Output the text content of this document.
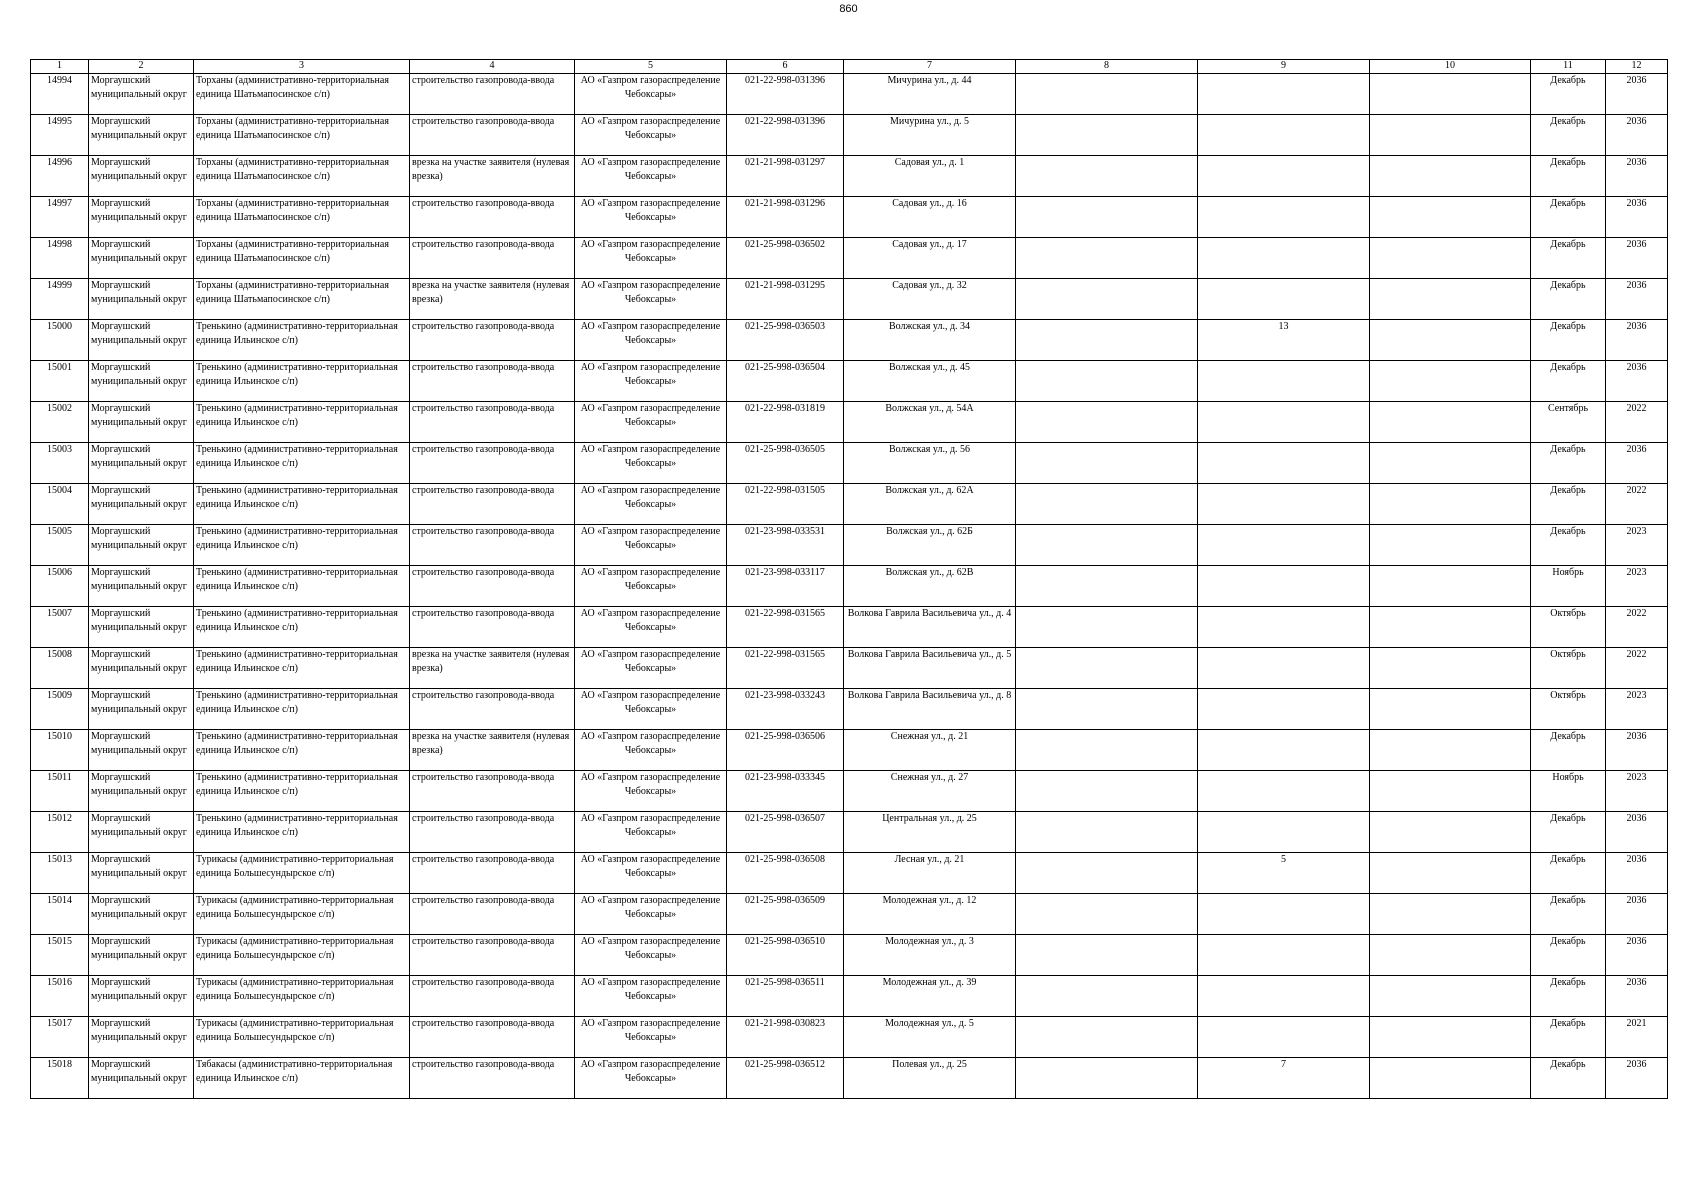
860
1	2	3	4	5	6	7	8	9	10	11	12

14994	Моргаушский муниципальный округ	Торханы (административно-территориальная единица Шатьмапосинское с/п)	строительство газопровода-ввода	АО «Газпром газораспределение Чебоксары»	021-22-998-031396	Мичурина ул., д. 44				Декабрь	2036

14995	Моргаушский муниципальный округ	Торханы (административно-территориальная единица Шатьмапосинское с/п)	строительство газопровода-ввода	АО «Газпром газораспределение Чебоксары»	021-22-998-031396	Мичурина ул., д. 5				Декабрь	2036

14996	Моргаушский муниципальный округ	Торханы (административно-территориальная единица Шатьмапосинское с/п)	врезка на участке заявителя (нулевая врезка)	АО «Газпром газораспределение Чебоксары»	021-21-998-031297	Садовая ул., д. 1				Декабрь	2036

14997	Моргаушский муниципальный округ	Торханы (административно-территориальная единица Шатьмапосинское с/п)	строительство газопровода-ввода	АО «Газпром газораспределение Чебоксары»	021-21-998-031296	Садовая ул., д. 16				Декабрь	2036

14998	Моргаушский муниципальный округ	Торханы (административно-территориальная единица Шатьмапосинское с/п)	строительство газопровода-ввода	АО «Газпром газораспределение Чебоксары»	021-25-998-036502	Садовая ул., д. 17				Декабрь	2036

14999	Моргаушский муниципальный округ	Торханы (административно-территориальная единица Шатьмапосинское с/п)	врезка на участке заявителя (нулевая врезка)	АО «Газпром газораспределение Чебоксары»	021-21-998-031295	Садовая ул., д. 32				Декабрь	2036

15000	Моргаушский муниципальный округ	Тренькино (административно-территориальная единица Ильинское с/п)	строительство газопровода-ввода	АО «Газпром газораспределение Чебоксары»	021-25-998-036503	Волжская ул., д. 34		13		Декабрь	2036

15001	Моргаушский муниципальный округ	Тренькино (административно-территориальная единица Ильинское с/п)	строительство газопровода-ввода	АО «Газпром газораспределение Чебоксары»	021-25-998-036504	Волжская ул., д. 45				Декабрь	2036

15002	Моргаушский муниципальный округ	Тренькино (административно-территориальная единица Ильинское с/п)	строительство газопровода-ввода	АО «Газпром газораспределение Чебоксары»	021-22-998-031819	Волжская ул., д. 54А				Сентябрь	2022

15003	Моргаушский муниципальный округ	Тренькино (административно-территориальная единица Ильинское с/п)	строительство газопровода-ввода	АО «Газпром газораспределение Чебоксары»	021-25-998-036505	Волжская ул., д. 56				Декабрь	2036

15004	Моргаушский муниципальный округ	Тренькино (административно-территориальная единица Ильинское с/п)	строительство газопровода-ввода	АО «Газпром газораспределение Чебоксары»	021-22-998-031505	Волжская ул., д. 62А				Декабрь	2022

15005	Моргаушский муниципальный округ	Тренькино (административно-территориальная единица Ильинское с/п)	строительство газопровода-ввода	АО «Газпром газораспределение Чебоксары»	021-23-998-033531	Волжская ул., д. 62Б				Декабрь	2023

15006	Моргаушский муниципальный округ	Тренькино (административно-территориальная единица Ильинское с/п)	строительство газопровода-ввода	АО «Газпром газораспределение Чебоксары»	021-23-998-033117	Волжская ул., д. 62В				Ноябрь	2023

15007	Моргаушский муниципальный округ	Тренькино (административно-территориальная единица Ильинское с/п)	строительство газопровода-ввода	АО «Газпром газораспределение Чебоксары»	021-22-998-031565	Волкова Гаврила Васильевича ул., д. 4				Октябрь	2022

15008	Моргаушский муниципальный округ	Тренькино (административно-территориальная единица Ильинское с/п)	врезка на участке заявителя (нулевая врезка)	АО «Газпром газораспределение Чебоксары»	021-22-998-031565	Волкова Гаврила Васильевича ул., д. 5				Октябрь	2022

15009	Моргаушский муниципальный округ	Тренькино (административно-территориальная единица Ильинское с/п)	строительство газопровода-ввода	АО «Газпром газораспределение Чебоксары»	021-23-998-033243	Волкова Гаврила Васильевича ул., д. 8				Октябрь	2023

15010	Моргаушский муниципальный округ	Тренькино (административно-территориальная единица Ильинское с/п)	врезка на участке заявителя (нулевая врезка)	АО «Газпром газораспределение Чебоксары»	021-25-998-036506	Снежная ул., д. 21				Декабрь	2036

15011	Моргаушский муниципальный округ	Тренькино (административно-территориальная единица Ильинское с/п)	строительство газопровода-ввода	АО «Газпром газораспределение Чебоксары»	021-23-998-033345	Снежная ул., д. 27				Ноябрь	2023

15012	Моргаушский муниципальный округ	Тренькино (административно-территориальная единица Ильинское с/п)	строительство газопровода-ввода	АО «Газпром газораспределение Чебоксары»	021-25-998-036507	Центральная ул., д. 25				Декабрь	2036

15013	Моргаушский муниципальный округ	Турикасы (административно-территориальная единица Большесундырское с/п)	строительство газопровода-ввода	АО «Газпром газораспределение Чебоксары»	021-25-998-036508	Лесная ул., д. 21		5		Декабрь	2036

15014	Моргаушский муниципальный округ	Турикасы (административно-территориальная единица Большесундырское с/п)	строительство газопровода-ввода	АО «Газпром газораспределение Чебоксары»	021-25-998-036509	Молодежная ул., д. 12				Декабрь	2036

15015	Моргаушский муниципальный округ	Турикасы (административно-территориальная единица Большесундырское с/п)	строительство газопровода-ввода	АО «Газпром газораспределение Чебоксары»	021-25-998-036510	Молодежная ул., д. 3				Декабрь	2036

15016	Моргаушский муниципальный округ	Турикасы (административно-территориальная единица Большесундырское с/п)	строительство газопровода-ввода	АО «Газпром газораспределение Чебоксары»	021-25-998-036511	Молодежная ул., д. 39				Декабрь	2036

15017	Моргаушский муниципальный округ	Турикасы (административно-территориальная единица Большесундырское с/п)	строительство газопровода-ввода	АО «Газпром газораспределение Чебоксары»	021-21-998-030823	Молодежная ул., д. 5				Декабрь	2021

15018	Моргаушский муниципальный округ	Тябакасы (административно-территориальная единица Ильинское с/п)	строительство газопровода-ввода	АО «Газпром газораспределение Чебоксары»	021-25-998-036512	Полевая ул., д. 25		7		Декабрь	2036
